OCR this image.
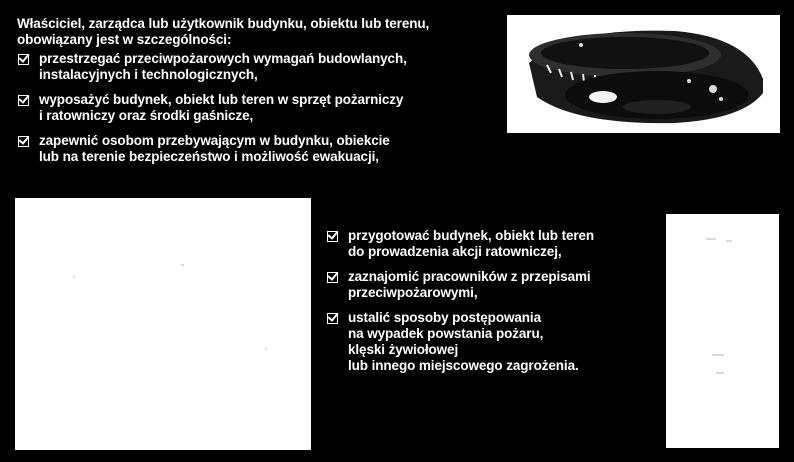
Właściciel, zarządca lub użytkownik budynku, obiektu lub terenu,
obowiązany jest w szczególności:
przestrzegać przeciwpożarowych wymagań budowlanych,
instalacyjnych i technologicznych,
wyposażyć budynek, obiekt lub teren w sprzęt pożarniczy
i ratowniczy oraz środki gaśnicze,
zapewnić osobom przebywającym w budynku, obiekcie
lub na terenie bezpieczeństwo i możliwość ewakuacji,
przygotować budynek, obiekt lub teren
do prowadzenia akcji ratowniczej,
zaznajomić pracowników z przepisami
przeciwpożarowymi,
ustalić sposoby postępowania
na wypadek powstania pożaru,
klęski żywiołowej
lub innego miejscowego zagrożenia.
